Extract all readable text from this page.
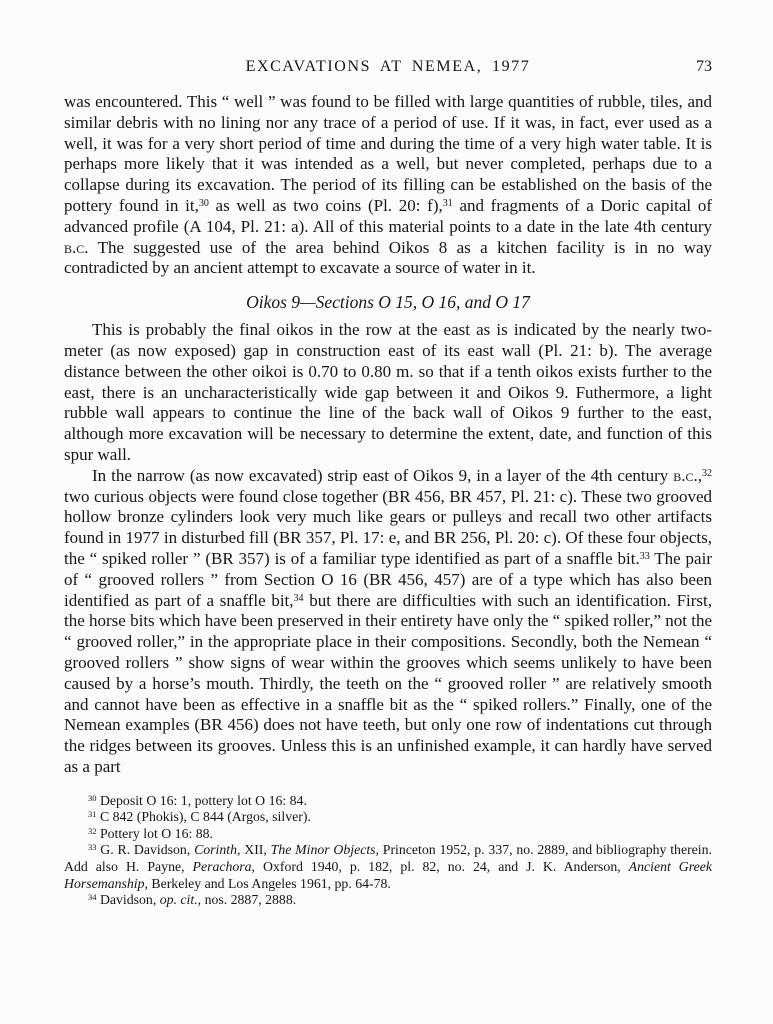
EXCAVATIONS AT NEMEA, 1977	73

was encountered. This “ well ” was found to be filled with large quantities of rubble, tiles, and similar debris with no lining nor any trace of a period of use. If it was, in fact, ever used as a well, it was for a very short period of time and during the time of a very high water table. It is perhaps more likely that it was intended as a well, but never completed, perhaps due to a collapse during its excavation. The period of its filling can be established on the basis of the pottery found in it,$^{30}$ as well as two coins (Pl. 20: f),$^{31}$ and fragments of a Doric capital of advanced profile (A 104, Pl. 21: a). All of this material points to a date in the late 4th century b.c. The suggested use of the area behind Oikos 8 as a kitchen facility is in no way contradicted by an ancient attempt to excavate a source of water in it.

Oikos 9—Sections O 15, O 16, and O 17

This is probably the final oikos in the row at the east as is indicated by the nearly two-meter (as now exposed) gap in construction east of its east wall (Pl. 21: b). The average distance between the other oikoi is 0.70 to 0.80 m. so that if a tenth oikos exists further to the east, there is an uncharacteristically wide gap between it and Oikos 9. Futhermore, a light rubble wall appears to continue the line of the back wall of Oikos 9 further to the east, although more excavation will be necessary to determine the extent, date, and function of this spur wall.

In the narrow (as now excavated) strip east of Oikos 9, in a layer of the 4th century b.c.,$^{32}$ two curious objects were found close together (BR 456, BR 457, Pl. 21: c). These two grooved hollow bronze cylinders look very much like gears or pulleys and recall two other artifacts found in 1977 in disturbed fill (BR 357, Pl. 17: e, and BR 256, Pl. 20: c). Of these four objects, the “ spiked roller ” (BR 357) is of a familiar type identified as part of a snaffle bit.$^{33}$ The pair of “ grooved rollers ” from Section O 16 (BR 456, 457) are of a type which has also been identified as part of a snaffle bit,$^{34}$ but there are difficulties with such an identification. First, the horse bits which have been preserved in their entirety have only the “ spiked roller,” not the “ grooved roller,” in the appropriate place in their compositions. Secondly, both the Nemean “ grooved rollers ” show signs of wear within the grooves which seems unlikely to have been caused by a horse’s mouth. Thirdly, the teeth on the “ grooved roller ” are relatively smooth and cannot have been as effective in a snaffle bit as the “ spiked rollers.” Finally, one of the Nemean examples (BR 456) does not have teeth, but only one row of indentations cut through the ridges between its grooves. Unless this is an unfinished example, it can hardly have served as a part

$^{30}$ Deposit O 16: 1, pottery lot O 16: 84.

$^{31}$ C 842 (Phokis), C 844 (Argos, silver).

$^{32}$ Pottery lot O 16: 88.

$^{33}$ G. R. Davidson, Corinth, XII, The Minor Objects, Princeton 1952, p. 337, no. 2889, and bibliography therein. Add also H. Payne, Perachora, Oxford 1940, p. 182, pl. 82, no. 24, and J. K. Anderson, Ancient Greek Horsemanship, Berkeley and Los Angeles 1961, pp. 64-78.

$^{34}$ Davidson, op. cit., nos. 2887, 2888.
